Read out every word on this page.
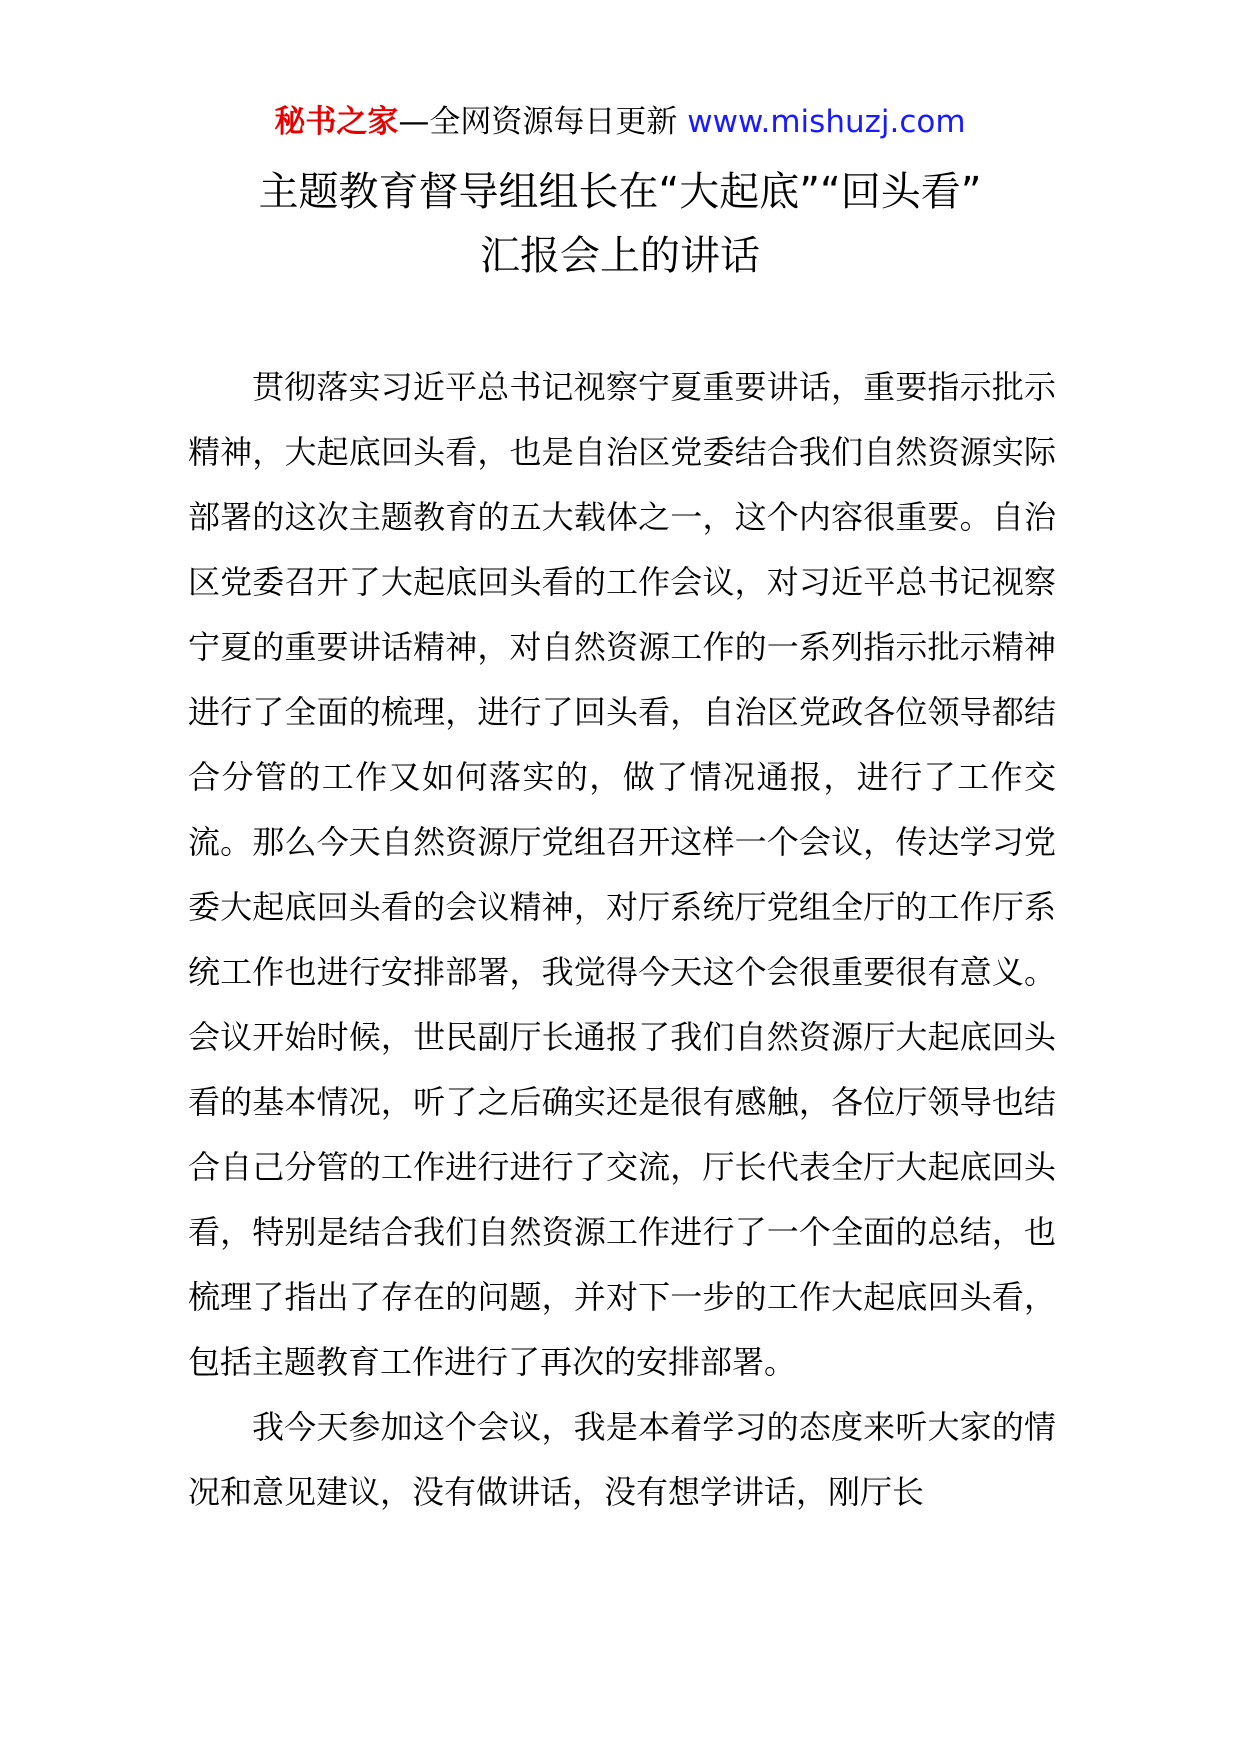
秘书之家—全网资源每日更新 www.mishuzj.com
主题教育督导组组长在“大起底”“回头看”
汇报会上的讲话

贯彻落实习近平总书记视察宁夏重要讲话，重要指示批示精神，大起底回头看，也是自治区党委结合我们自然资源实际部署的这次主题教育的五大载体之一，这个内容很重要。自治区党委召开了大起底回头看的工作会议，对习近平总书记视察宁夏的重要讲话精神，对自然资源工作的一系列指示批示精神进行了全面的梳理，进行了回头看，自治区党政各位领导都结合分管的工作又如何落实的，做了情况通报，进行了工作交流。那么今天自然资源厅党组召开这样一个会议，传达学习党委大起底回头看的会议精神，对厅系统厅党组全厅的工作厅系统工作也进行安排部署，我觉得今天这个会很重要很有意义。会议开始时候，世民副厅长通报了我们自然资源厅大起底回头看的基本情况，听了之后确实还是很有感触，各位厅领导也结合自己分管的工作进行进行了交流，厅长代表全厅大起底回头看，特别是结合我们自然资源工作进行了一个全面的总结，也梳理了指出了存在的问题，并对下一步的工作大起底回头看，包括主题教育工作进行了再次的安排部署。

我今天参加这个会议，我是本着学习的态度来听大家的情况和意见建议，没有做讲话，没有想学讲话，刚厅长
